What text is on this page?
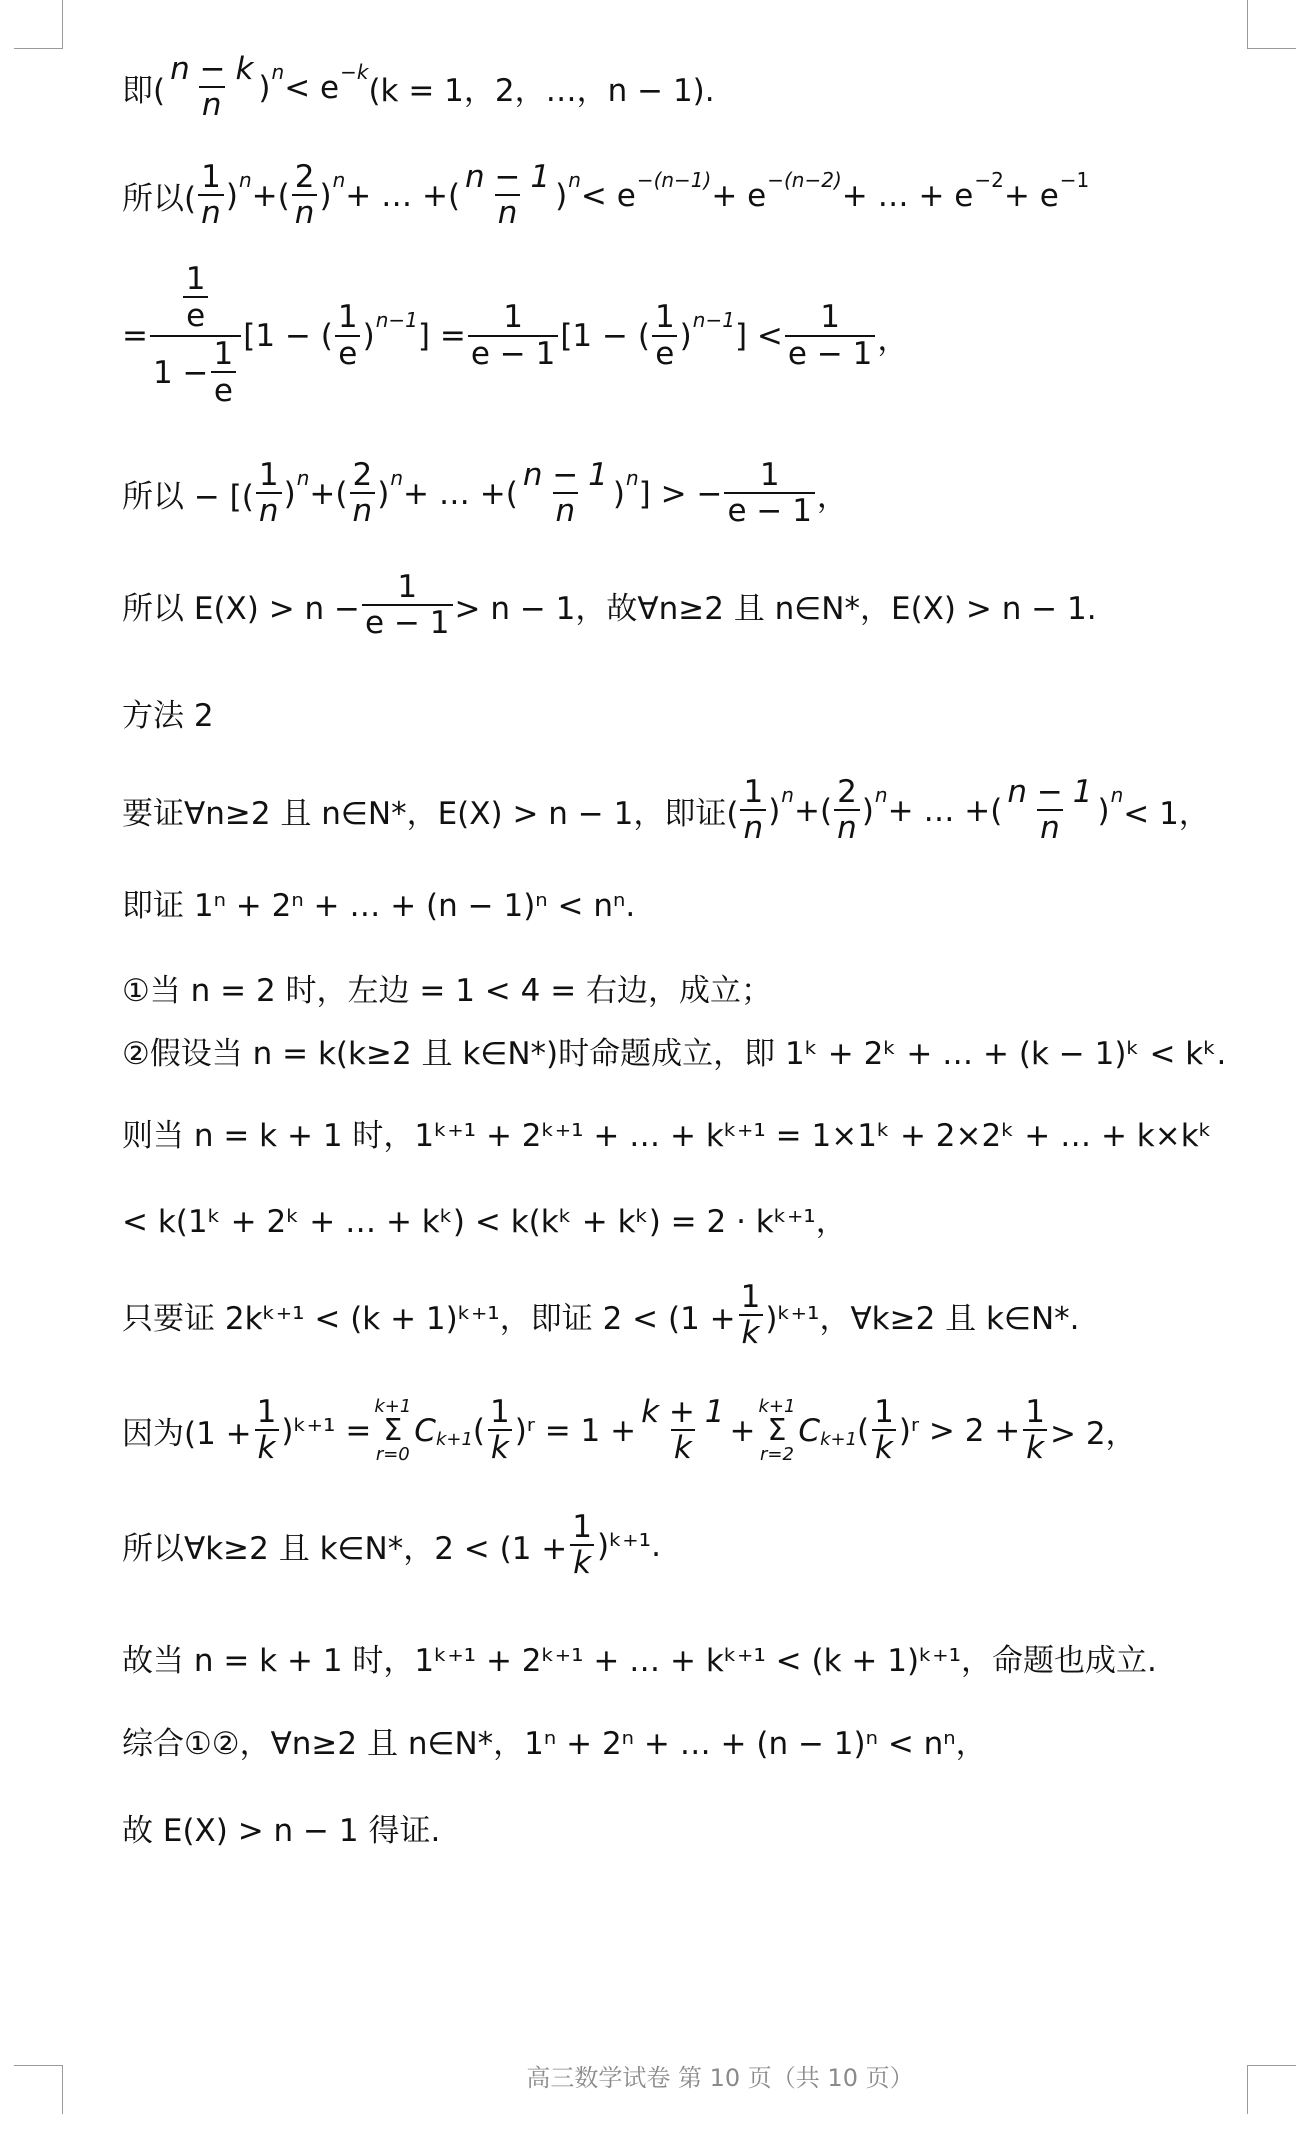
即( $\frac{n - k}{n}$ ) n < e −k
(k = 1，2，…，n − 1).
所以( $\frac{1}{n}$ ) n + ( $\frac{2}{n}$ ) n + … + ( $\frac{n - 1}{n}$ ) n < e −(n−1) + e −(n−2) + … + e −2 + e −1
= $\frac{\frac{1}{e}}{1 - \frac{1}{e}} [1$ − ( $\frac{1}{e}$ ) n−1 ] = $\frac{1}{e - 1} [1$ − ( $\frac{1}{e}$ ) n−1 ] < $\frac{1}{e - 1}$ ，
所以 − [( $\frac{1}{n}$ ) n + ( $\frac{2}{n}$ ) n + … + ( $\frac{n - 1}{n}$ ) n ] > − $\frac{1}{e - 1}$ ，
所以 $E(X) > n - \frac{1}{e - 1} > n - 1$，故∀n≥2 且 n∈N*，E(X) > n − 1.
方法 2
要证∀n≥2 且 n∈N*，E(X) > n − 1，即证( $\frac{1}{n}$ ) n + ( $\frac{2}{n}$ ) n + … + ( $\frac{n - 1}{n}$ ) n
< 1，
即证 1ⁿ + 2ⁿ + … + (n − 1)ⁿ < nⁿ.
①当 n = 2 时，左边 = 1 < 4 = 右边，成立；
②假设当 n = k(k≥2 且 k∈N*)时命题成立，即 1ᵏ + 2ᵏ + … + (k − 1)ᵏ < kᵏ.
则当 n = k + 1 时，1ᵏ⁺¹ + 2ᵏ⁺¹ + … + kᵏ⁺¹ = 1×1ᵏ + 2×2ᵏ + … + k×kᵏ
< k(1ᵏ + 2ᵏ + … + kᵏ) < k(kᵏ + kᵏ) = 2 · kᵏ⁺¹，
只要证 2kᵏ⁺¹ < (k + 1)ᵏ⁺¹，即证 $2 < (1 + \frac{1}{k}$ )ᵏ⁺¹，∀k≥2 且 k∈N*.
因为($1 + \frac{1}{k}$ )ᵏ⁺¹ =
k+1
Σ
r=0
C k+1 ( $\frac{1}{k}$ )ʳ = $1 + \frac{k + 1}{k}$ +
k+1
Σ
r=2
C k+1 ( $\frac{1}{k}$ )ʳ > $2 + \frac{1}{k} > 2$，
所以∀k≥2 且 k∈N*，$2 < (1 + \frac{1}{k}$ )ᵏ⁺¹.
故当 n = k + 1 时，1ᵏ⁺¹ + 2ᵏ⁺¹ + … + kᵏ⁺¹ < (k + 1)ᵏ⁺¹，命题也成立.
综合①②，∀n≥2 且 n∈N*，1ⁿ + 2ⁿ + … + (n − 1)ⁿ < nⁿ，
故 E(X) > n − 1 得证.
高三数学试卷 第 10 页（共 10 页）
